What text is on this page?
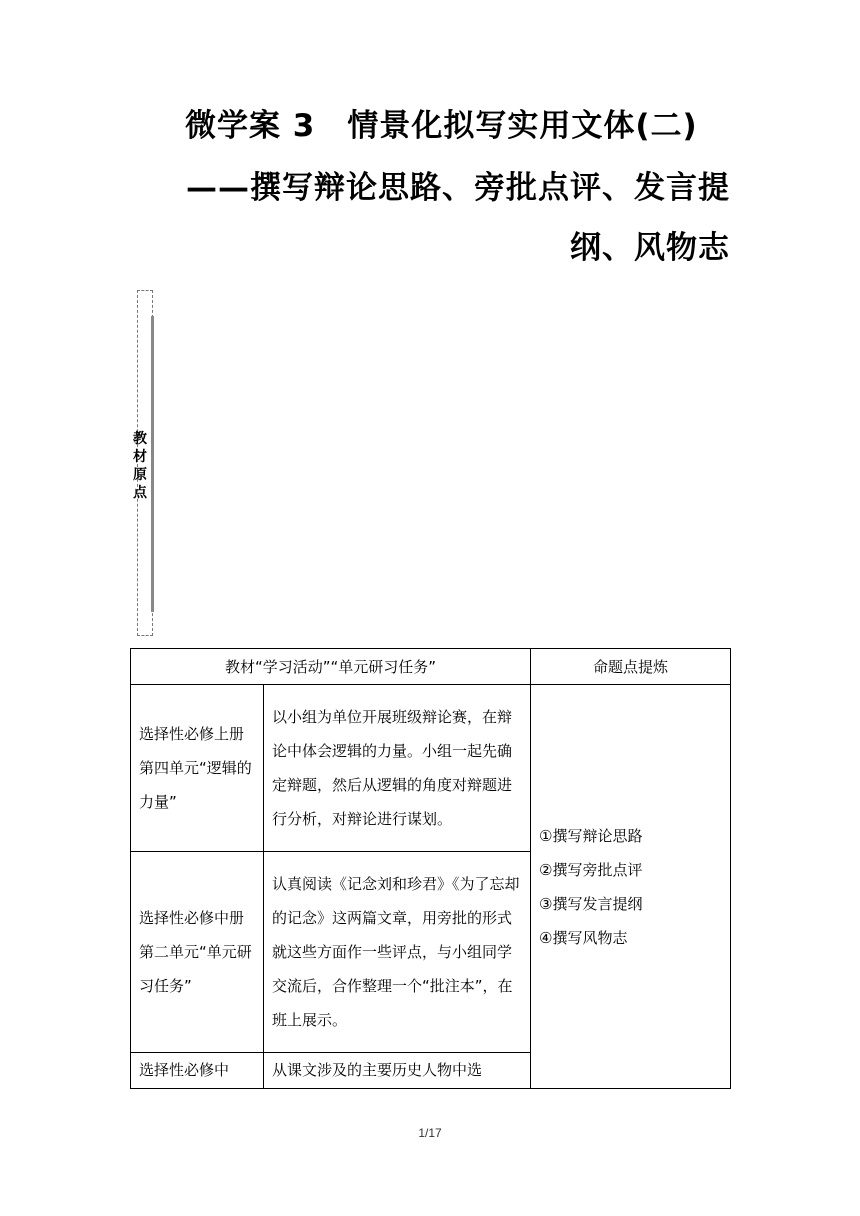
微学案 3　情景化拟写实用文体(二)
——撰写辩论思路、旁批点评、发言提
纲、风物志
教
材
原
点
教材“学习活动”“单元研习任务”		命题点提炼
选择性必修上册第四单元“逻辑的力量”	以小组为单位开展班级辩论赛，在辩论中体会逻辑的力量。小组一起先确定辩题，然后从逻辑的角度对辩题进行分析，对辩论进行谋划。	①撰写辩论思路
②撰写旁批点评
③撰写发言提纲
④撰写风物志

选择性必修中册第二单元“单元研习任务”	认真阅读《记念刘和珍君》《为了忘却的记念》这两篇文章，用旁批的形式就这些方面作一些评点，与小组同学交流后，合作整理一个“批注本”，在班上展示。	
选择性必修中	从课文涉及的主要历史人物中选	
1/17
